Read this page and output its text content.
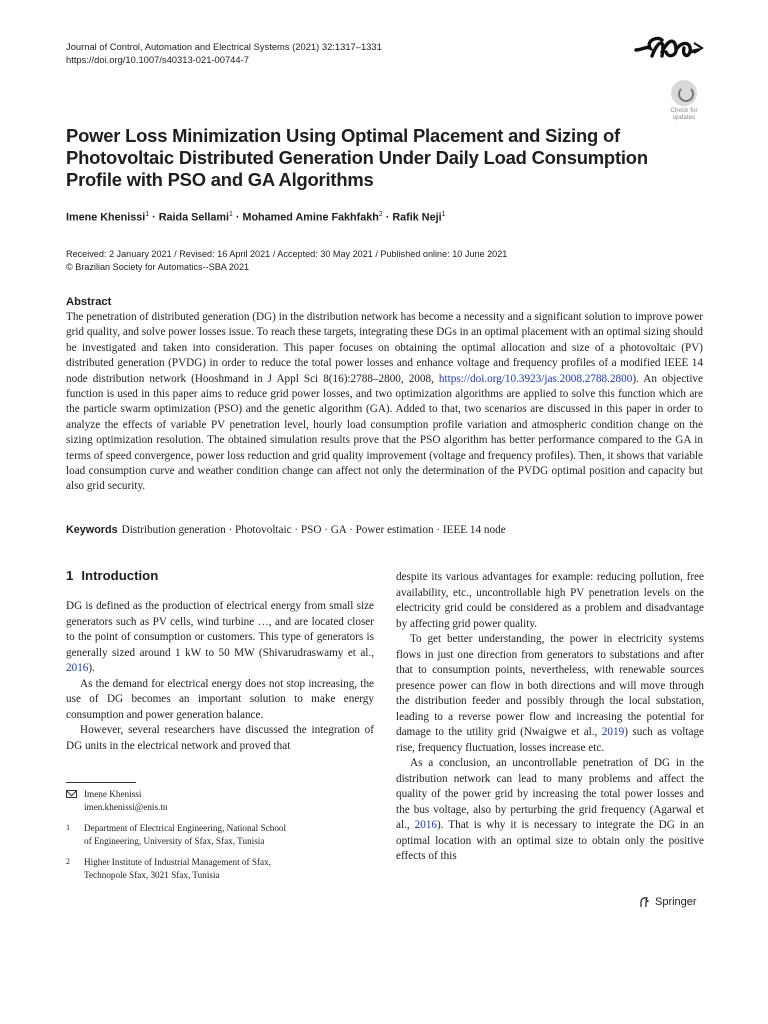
Journal of Control, Automation and Electrical Systems (2021) 32:1317–1331
https://doi.org/10.1007/s40313-021-00744-7
Check for updates
Power Loss Minimization Using Optimal Placement and Sizing of Photovoltaic Distributed Generation Under Daily Load Consumption Profile with PSO and GA Algorithms
Imene Khenissi$^1$ · Raida Sellami$^1$ · Mohamed Amine Fakhfakh$^2$ · Rafik Neji$^1$
Received: 2 January 2021 / Revised: 16 April 2021 / Accepted: 30 May 2021 / Published online: 10 June 2021
© Brazilian Society for Automatics--SBA 2021
Abstract
The penetration of distributed generation (DG) in the distribution network has become a necessity and a significant solution to improve power grid quality, and solve power losses issue. To reach these targets, integrating these DGs in an optimal placement with an optimal sizing should be investigated and taken into consideration. This paper focuses on obtaining the optimal allocation and size of a photovoltaic (PV) distributed generation (PVDG) in order to reduce the total power losses and enhance voltage and frequency profiles of a modified IEEE 14 node distribution network (Hooshmand in J Appl Sci 8(16):2788–2800, 2008, https://doi.org/10.3923/jas.2008.2788.2800). An objective function is used in this paper aims to reduce grid power losses, and two optimization algorithms are applied to solve this function which are the particle swarm optimization (PSO) and the genetic algorithm (GA). Added to that, two scenarios are discussed in this paper in order to analyze the effects of variable PV penetration level, hourly load consumption profile variation and atmospheric condition change on the sizing optimization resolution. The obtained simulation results prove that the PSO algorithm has better performance compared to the GA in terms of speed convergence, power loss reduction and grid quality improvement (voltage and frequency profiles). Then, it shows that variable load consumption curve and weather condition change can affect not only the determination of the PVDG optimal position and capacity but also grid security.
Keywords Distribution generation · Photovoltaic · PSO · GA · Power estimation · IEEE 14 node
1 Introduction

DG is defined as the production of electrical energy from small size generators such as PV cells, wind turbine …, and are located closer to the point of consumption or customers. This type of generators is generally sized around 1 kW to 50 MW (Shivarudraswamy et al., 2016).

As the demand for electrical energy does not stop increasing, the use of DG becomes an important solution to make energy consumption and power generation balance.

However, several researchers have discussed the integration of DG units in the electrical network and proved that

despite its various advantages for example: reducing pollution, free availability, etc., uncontrollable high PV penetration levels on the electricity grid could be considered as a problem and disadvantage by affecting grid power quality.

To get better understanding, the power in electricity systems flows in just one direction from generators to substations and after that to consumption points, nevertheless, with renewable sources presence power can flow in both directions and will move through the distribution feeder and possibly through the local substation, leading to a reverse power flow and increasing the potential for damage to the utility grid (Nwaigwe et al., 2019) such as voltage rise, frequency fluctuation, losses increase etc.

As a conclusion, an uncontrollable penetration of DG in the distribution network can lead to many problems and affect the quality of the power grid by increasing the total power losses and the bus voltage, also by perturbing the grid frequency (Agarwal et al., 2016). That is why it is necessary to integrate the DG in an optimal location with an optimal size to obtain only the positive effects of this

Imene Khenissi
imen.khenissi@enis.tn
1	Department of Electrical Engineering, National School
of Engineering, University of Sfax, Sfax, Tunisia
2	Higher Institute of Industrial Management of Sfax,
Technopole Sfax, 3021 Sfax, Tunisia
Springer
